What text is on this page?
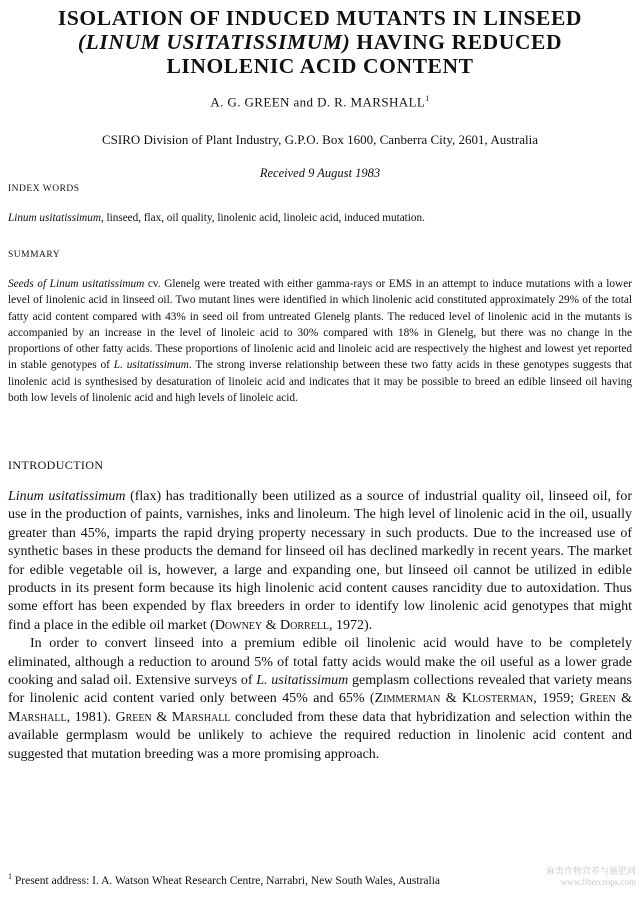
ISOLATION OF INDUCED MUTANTS IN LINSEED
(LINUM USITATISSIMUM) HAVING REDUCED
LINOLENIC ACID CONTENT
A. G. GREEN and D. R. MARSHALL$^1$
CSIRO Division of Plant Industry, G.P.O. Box 1600, Canberra City, 2601, Australia
Received 9 August 1983
INDEX WORDS
Linum usitatissimum, linseed, flax, oil quality, linolenic acid, linoleic acid, induced mutation.
SUMMARY
Seeds of Linum usitatissimum cv. Glenelg were treated with either gamma-rays or EMS in an attempt to induce mutations with a lower level of linolenic acid in linseed oil. Two mutant lines were identified in which linolenic acid constituted approximately 29% of the total fatty acid content compared with 43% in seed oil from untreated Glenelg plants. The reduced level of linolenic acid in the mutants is accompanied by an increase in the level of linoleic acid to 30% compared with 18% in Glenelg, but there was no change in the proportions of other fatty acids. These proportions of linolenic acid and linoleic acid are respectively the highest and lowest yet reported in stable genotypes of L. usitatissimum. The strong inverse relationship between these two fatty acids in these genotypes suggests that linolenic acid is synthesised by desaturation of linoleic acid and indicates that it may be possible to breed an edible linseed oil having both low levels of linolenic acid and high levels of linoleic acid.
INTRODUCTION

Linum usitatissimum (flax) has traditionally been utilized as a source of industrial quality oil, linseed oil, for use in the production of paints, varnishes, inks and linoleum. The high level of linolenic acid in the oil, usually greater than 45%, imparts the rapid drying property necessary in such products. Due to the increased use of synthetic bases in these products the demand for linseed oil has declined markedly in recent years. The market for edible vegetable oil is, however, a large and expanding one, but linseed oil cannot be utilized in edible products in its present form because its high linolenic acid content causes rancidity due to autoxidation. Thus some effort has been expended by flax breeders in order to identify low linolenic acid genotypes that might find a place in the edible oil market (Downey & Dorrell, 1972).

In order to convert linseed into a premium edible oil linolenic acid would have to be completely eliminated, although a reduction to around 5% of total fatty acids would make the oil useful as a lower grade cooking and salad oil. Extensive surveys of L. usitatissimum gemplasm collections revealed that variety means for linolenic acid content varied only between 45% and 65% (Zimmerman & Klosterman, 1959; Green & Marshall, 1981). Green & Marshall concluded from these data that hybridization and selection within the available germplasm would be unlikely to achieve the required reduction in linolenic acid content and suggested that mutation breeding was a more promising approach.

$^1$ Present address: I. A. Watson Wheat Research Centre, Narrabri, New South Wales, Australia
麻类作物营养与施肥网
www.fibercrops.com
